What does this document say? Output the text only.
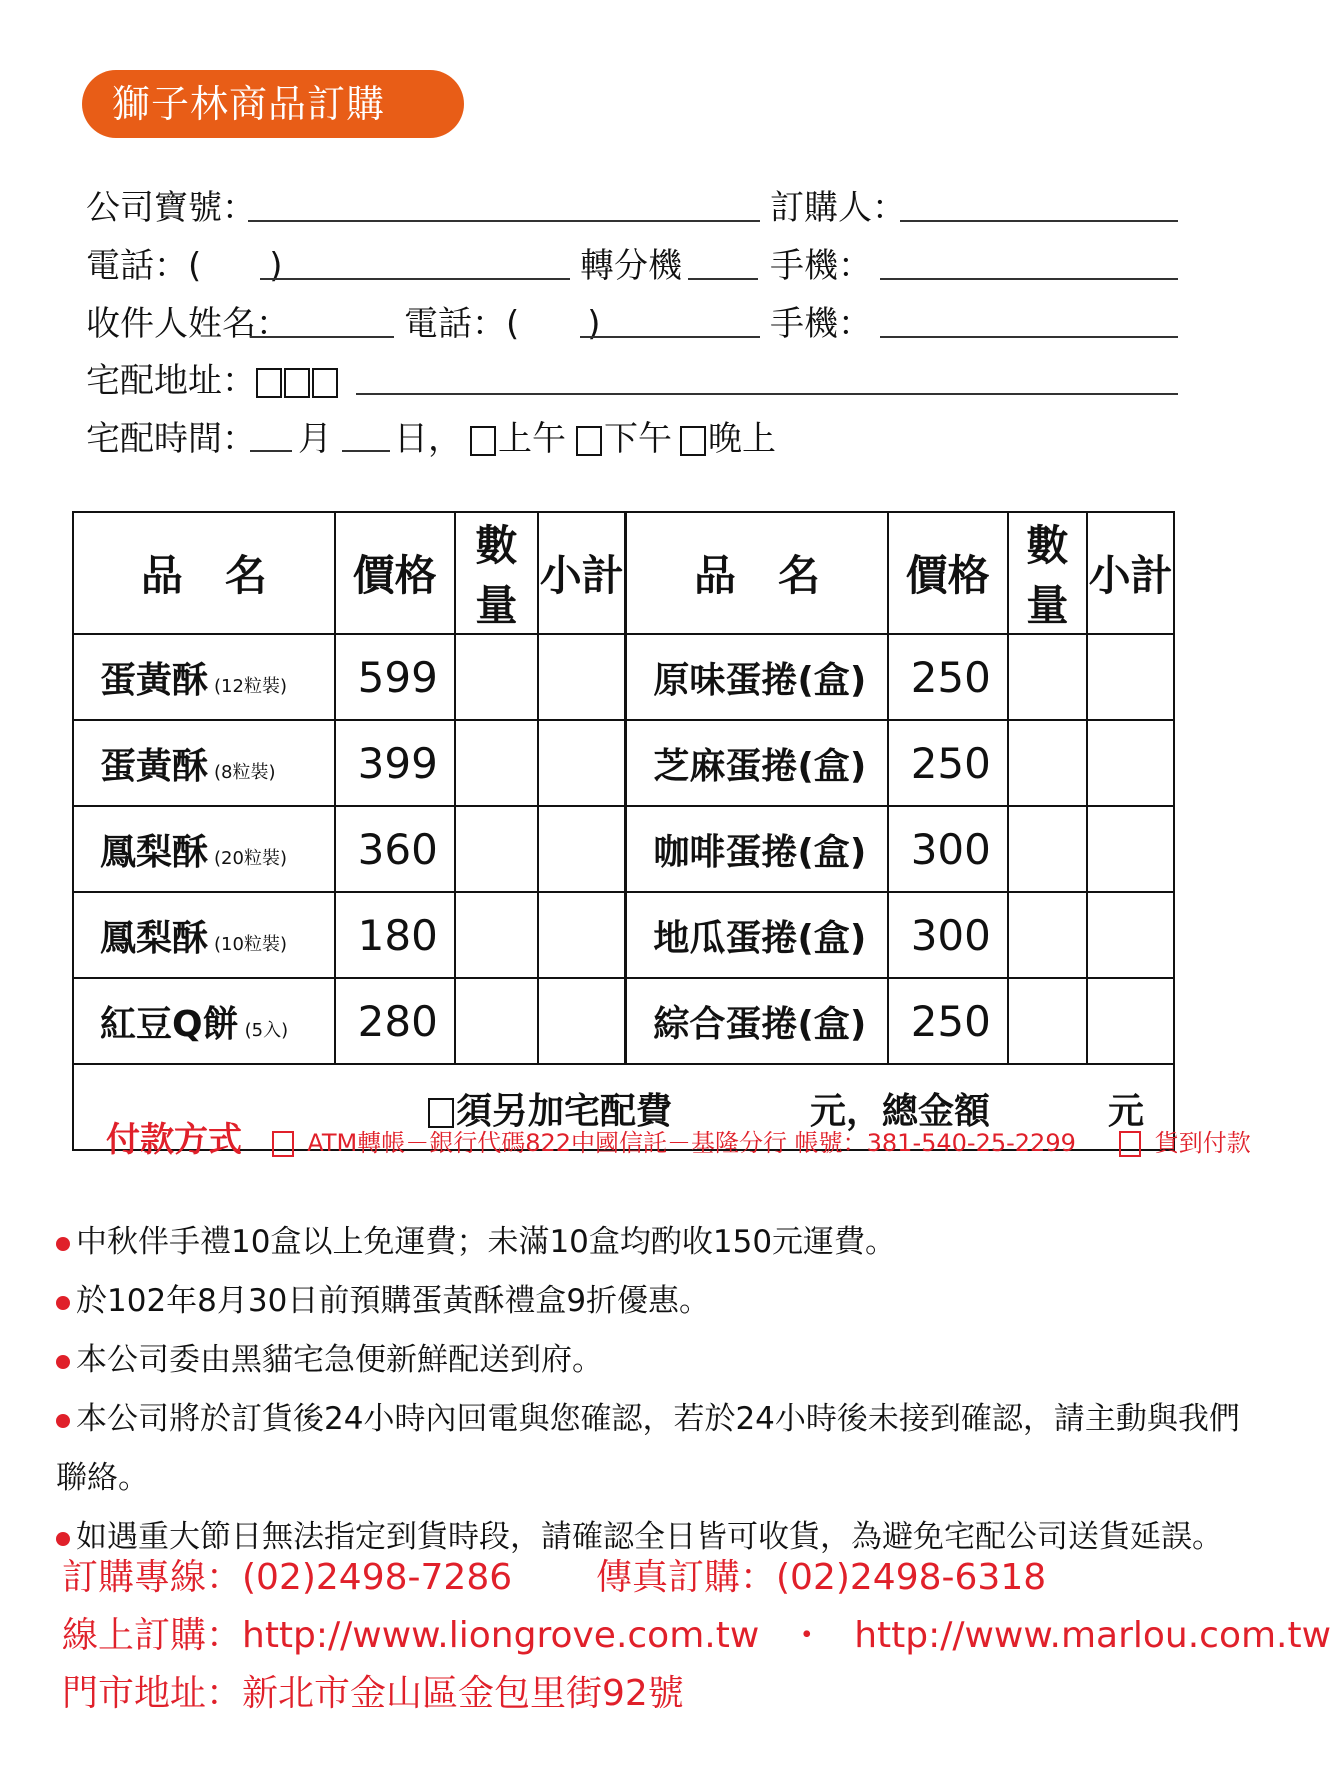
獅子林商品訂購
公司寶號：	訂購人：
電話：(　　)	轉分機	手機：
收件人姓名：	電話：(　　)	手機：
宅配地址：
宅配時間： 月 日，	上午	下午	晚上
品　名	價格	數量	小計	品　名	價格	數量	小計
蛋黃酥 (12粒裝)	599			原味蛋捲(盒)	250		
蛋黃酥 (8粒裝)	399			芝麻蛋捲(盒)	250		
鳳梨酥 (20粒裝)	360			咖啡蛋捲(盒)	300		
鳳梨酥 (10粒裝)	180			地瓜蛋捲(盒)	300		
紅豆Q餅 (5入)	280			綜合蛋捲(盒)	250		

須另加宅配費 元，總金額 元							
付款方式	ATM轉帳－銀行代碼822中國信託－基隆分行 帳號：381-540-25-2299	貨到付款
中秋伴手禮10盒以上免運費；未滿10盒均酌收150元運費。
於102年8月30日前預購蛋黃酥禮盒9折優惠。
本公司委由黑貓宅急便新鮮配送到府。
本公司將於訂貨後24小時內回電與您確認，若於24小時後未接到確認，請主動與我們聯絡。
如遇重大節日無法指定到貨時段，請確認全日皆可收貨，為避免宅配公司送貨延誤。
訂購專線：(02)2498-7286 傳真訂購：(02)2498-6318
線上訂購：http://www.liongrove.com.tw ・ http://www.marlou.com.tw
門市地址：新北市金山區金包里街92號
